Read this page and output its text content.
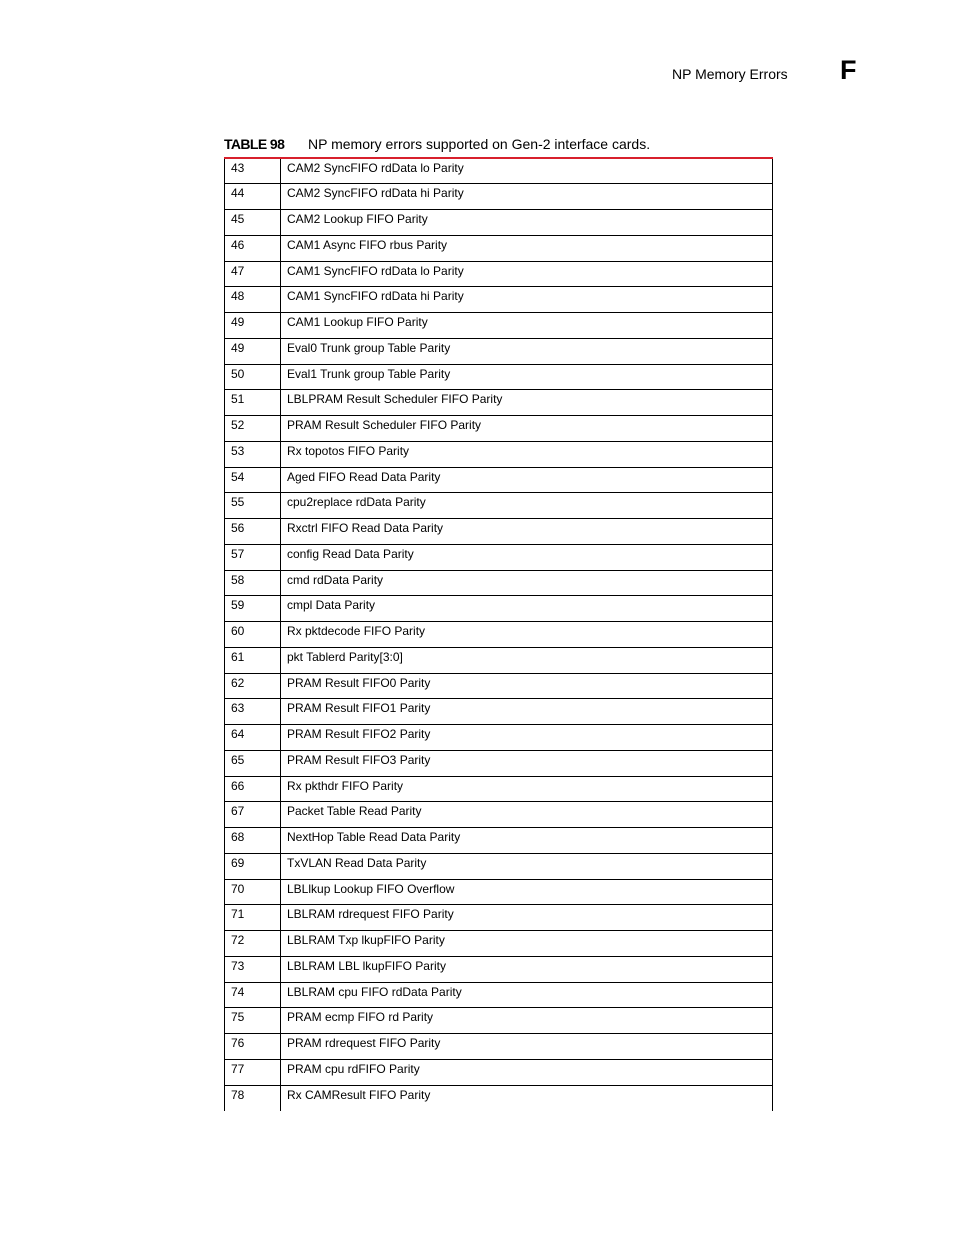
NP Memory Errors F
TABLE 98 NP memory errors supported on Gen-2 interface cards.
43	CAM2 SyncFIFO rdData lo Parity
44	CAM2 SyncFIFO rdData hi Parity
45	CAM2 Lookup FIFO Parity
46	CAM1 Async FIFO rbus Parity
47	CAM1 SyncFIFO rdData lo Parity
48	CAM1 SyncFIFO rdData hi Parity
49	CAM1 Lookup FIFO Parity
49	Eval0 Trunk group Table Parity
50	Eval1 Trunk group Table Parity
51	LBLPRAM Result Scheduler FIFO Parity
52	PRAM Result Scheduler FIFO Parity
53	Rx topotos FIFO Parity
54	Aged FIFO Read Data Parity
55	cpu2replace rdData Parity
56	Rxctrl FIFO Read Data Parity
57	config Read Data Parity
58	cmd rdData Parity
59	cmpl Data Parity
60	Rx pktdecode FIFO Parity
61	pkt Tablerd Parity[3:0]
62	PRAM Result FIFO0 Parity
63	PRAM Result FIFO1 Parity
64	PRAM Result FIFO2 Parity
65	PRAM Result FIFO3 Parity
66	Rx pkthdr FIFO Parity
67	Packet Table Read Parity
68	NextHop Table Read Data Parity
69	TxVLAN Read Data Parity
70	LBLlkup Lookup FIFO Overflow
71	LBLRAM rdrequest FIFO Parity
72	LBLRAM Txp lkupFIFO Parity
73	LBLRAM LBL lkupFIFO Parity
74	LBLRAM cpu FIFO rdData Parity
75	PRAM ecmp FIFO rd Parity
76	PRAM rdrequest FIFO Parity
77	PRAM cpu rdFIFO Parity
78	Rx CAMResult FIFO Parity
